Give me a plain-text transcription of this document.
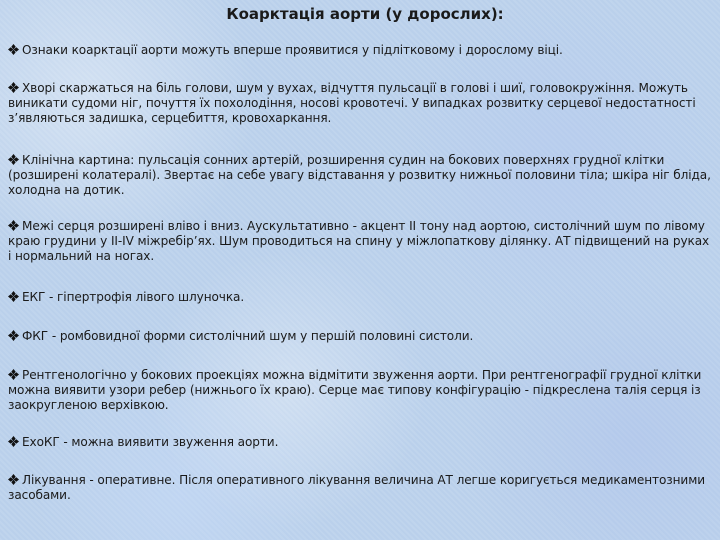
Коарктація аорти (у дорослих):
Ознаки коарктації аорти можуть вперше проявитися у підлітковому і дорослому віці.
Хворі скаржаться на біль голови, шум у вухах, відчуття пульсації в голові і шиї, головокружіння. Можуть виникати судоми ніг, почуття їх похолодіння, носові кровотечі. У випадках розвитку серцевої недостатності з’являються задишка, серцебиття, кровохаркання.
Клінічна картина: пульсація сонних артерій, розширення судин на бокових поверхнях грудної клітки (розширені колатералі). Звертає на себе увагу відставання у розвитку нижньої половини тіла; шкіра ніг бліда, холодна на дотик.
Межі серця розширені вліво і вниз. Аускультативно - акцент ІІ тону над аортою, систолічний шум по лівому краю грудини у ІІ-ІV міжребір’ях. Шум проводиться на спину у міжлопаткову ділянку. АТ підвищений на руках і нормальний на ногах.
ЕКГ - гіпертрофія лівого шлуночка.
ФКГ - ромбовидної форми систолічний шум у першій половині систоли.
Рентгенологічно у бокових проекціях можна відмітити звуження аорти. При рентгенографії грудної клітки можна виявити узори ребер (нижнього їх краю). Серце має типову конфігурацію - підкреслена талія серця із заокругленою верхівкою.
ЕхоКГ - можна виявити звуження аорти.
Лікування - оперативне. Після оперативного лікування величина АТ легше коригується медикаментозними засобами.
